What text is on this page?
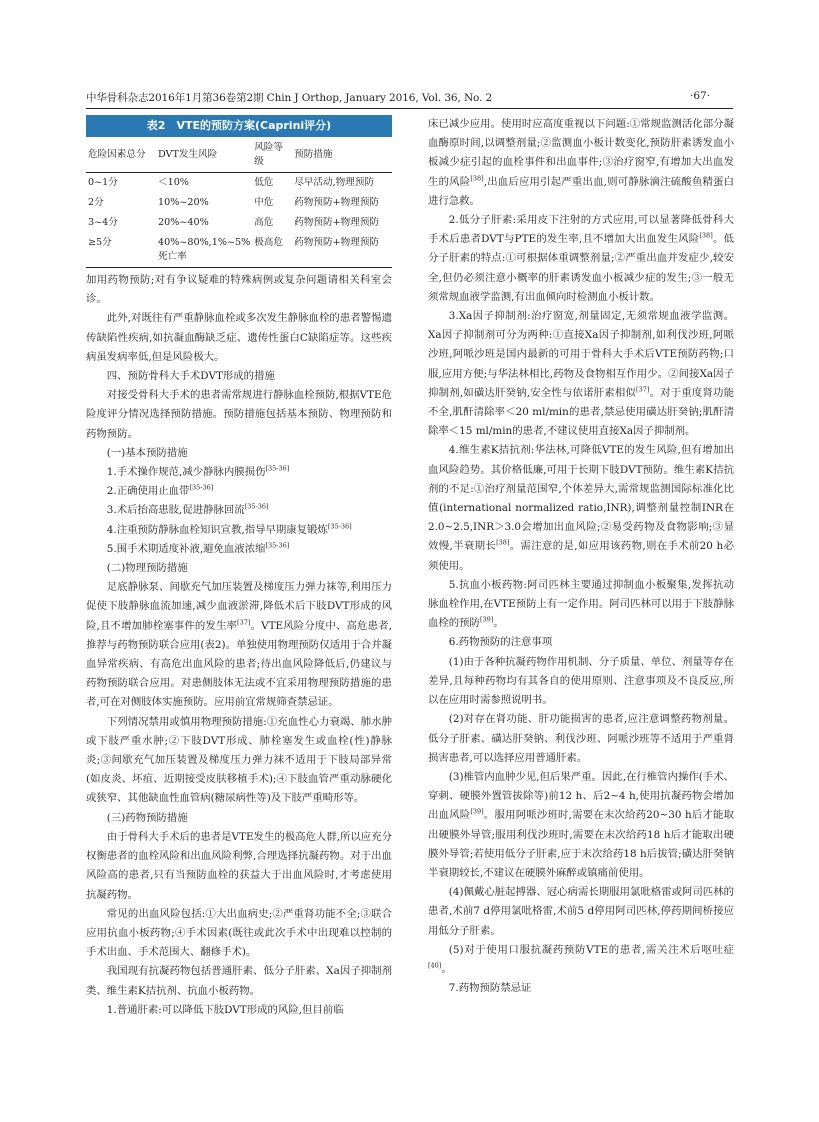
中华骨科杂志2016年1月第36卷第2期 Chin J Orthop, January 2016, Vol. 36, No. 2	·67·
表2　VTE的预防方案(Caprini评分)
危险因素总分	DVT发生风险	风险等级	预防措施
0~1分	＜10%	低危	尽早活动,物理预防
2分	10%~20%	中危	药物预防+物理预防
3~4分	20%~40%	高危	药物预防+物理预防
≥5分	40%~80%,1%~5%死亡率	极高危	药物预防+物理预防

加用药物预防;对有争议疑难的特殊病例或复杂问题请相关科室会诊。

此外,对既往有严重静脉血栓或多次发生静脉血栓的患者警惕遗传缺陷性疾病,如抗凝血酶缺乏症、遗传性蛋白C缺陷症等。这些疾病虽发病率低,但是风险极大。

四、预防骨科大手术DVT形成的措施

对接受骨科大手术的患者需常规进行静脉血栓预防,根据VTE危险度评分情况选择预防措施。预防措施包括基本预防、物理预防和药物预防。

(一)基本预防措施

1.手术操作规范,减少静脉内膜损伤[35-36]

2.正确使用止血带[35-36]

3.术后抬高患肢,促进静脉回流[35-36]

4.注重预防静脉血栓知识宣教,指导早期康复锻炼[35-36]

5.围手术期适度补液,避免血液浓缩[35-36]

(二)物理预防措施

足底静脉泵、间歇充气加压装置及梯度压力弹力袜等,利用压力促使下肢静脉血流加速,减少血液淤滞,降低术后下肢DVT形成的风险,且不增加肺栓塞事件的发生率[37]。VTE风险分度中、高危患者,推荐与药物预防联合应用(表2)。单独使用物理预防仅适用于合并凝血异常疾病、有高危出血风险的患者;待出血风险降低后,仍建议与药物预防联合应用。对患侧肢体无法或不宜采用物理预防措施的患者,可在对侧肢体实施预防。应用前宜常规筛查禁忌证。

下列情况禁用或慎用物理预防措施:①充血性心力衰竭、肺水肿或下肢严重水肿;②下肢DVT形成、肺栓塞发生或血栓(性)静脉炎;③间歇充气加压装置及梯度压力弹力袜不适用于下肢局部异常(如皮炎、坏疽、近期接受皮肤移植手术);④下肢血管严重动脉硬化或狭窄、其他缺血性血管病(糖尿病性等)及下肢严重畸形等。

(三)药物预防措施

由于骨科大手术后的患者是VTE发生的极高危人群,所以应充分权衡患者的血栓风险和出血风险利弊,合理选择抗凝药物。对于出血风险高的患者,只有当预防血栓的获益大于出血风险时,才考虑使用抗凝药物。

常见的出血风险包括:①大出血病史;②严重肾功能不全;③联合应用抗血小板药物;④手术因素(既往或此次手术中出现难以控制的手术出血、手术范围大、翻修手术)。

我国现有抗凝药物包括普通肝素、低分子肝素、Xa因子抑制剂类、维生素K拮抗剂、抗血小板药物。

1.普通肝素:可以降低下肢DVT形成的风险,但目前临

床已减少应用。使用时应高度重视以下问题:①常规监测活化部分凝血酶原时间,以调整剂量;②监测血小板计数变化,预防肝素诱发血小板减少症引起的血栓事件和出血事件;③治疗窗窄,有增加大出血发生的风险[38],出血后应用引起严重出血,则可静脉滴注硫酸鱼精蛋白进行急救。

2.低分子肝素:采用皮下注射的方式应用,可以显著降低骨科大手术后患者DVT与PTE的发生率,且不增加大出血发生风险[38]。低分子肝素的特点:①可根据体重调整剂量;②严重出血并发症少,较安全,但仍必须注意小概率的肝素诱发血小板减少症的发生;③一般无须常规血液学监测,有出血倾向时检测血小板计数。

3.Xa因子抑制剂:治疗窗宽,剂量固定,无须常规血液学监测。Xa因子抑制剂可分为两种:①直接Xa因子抑制剂,如利伐沙班,阿哌沙班,阿哌沙班是国内最新的可用于骨科大手术后VTE预防药物;口服,应用方便;与华法林相比,药物及食物相互作用少。②间接Xa因子抑制剂,如磺达肝癸钠,安全性与依诺肝素相似[37]。对于重度肾功能不全,肌酐清除率＜20 ml/min的患者,禁忌使用磺达肝癸钠;肌酐清除率＜15 ml/min的患者,不建议使用直接Xa因子抑制剂。

4.维生素K拮抗剂:华法林,可降低VTE的发生风险,但有增加出血风险趋势。其价格低廉,可用于长期下肢DVT预防。维生素K拮抗剂的不足:①治疗剂量范围窄,个体差异大,需常规监测国际标准化比值(international normalized ratio,INR),调整剂量控制INR在2.0~2.5,INR＞3.0会增加出血风险;②易受药物及食物影响;③显效慢,半衰期长[38]。需注意的是,如应用该药物,则在手术前20 h必须使用。

5.抗血小板药物:阿司匹林主要通过抑制血小板聚集,发挥抗动脉血栓作用,在VTE预防上有一定作用。阿司匹林可以用于下肢静脉血栓的预防[39]。

6.药物预防的注意事项

(1)由于各种抗凝药物作用机制、分子质量、单位、剂量等存在差异,且每种药物均有其各自的使用原则、注意事项及不良反应,所以在应用时需参照说明书。

(2)对存在肾功能、肝功能损害的患者,应注意调整药物剂量。低分子肝素、磺达肝癸钠、利伐沙班、阿哌沙班等不适用于严重肾损害患者,可以选择应用普通肝素。

(3)椎管内血肿少见,但后果严重。因此,在行椎管内操作(手术、穿刺、硬膜外置管拔除等)前12 h、后2~4 h,使用抗凝药物会增加出血风险[39]。服用阿哌沙班时,需要在末次给药20~30 h后才能取出硬膜外导管;服用利伐沙班时,需要在末次给药18 h后才能取出硬膜外导管;若使用低分子肝素,应于末次给药18 h后拔管;磺达肝癸钠半衰期较长,不建议在硬膜外麻醉或镇痛前使用。

(4)佩戴心脏起搏器、冠心病需长期服用氯吡格雷或阿司匹林的患者,术前7 d停用氯吡格雷,术前5 d停用阿司匹林,停药期间桥接应用低分子肝素。

(5)对于使用口服抗凝药预防VTE的患者,需关注术后呕吐症[40]。

7.药物预防禁忌证
